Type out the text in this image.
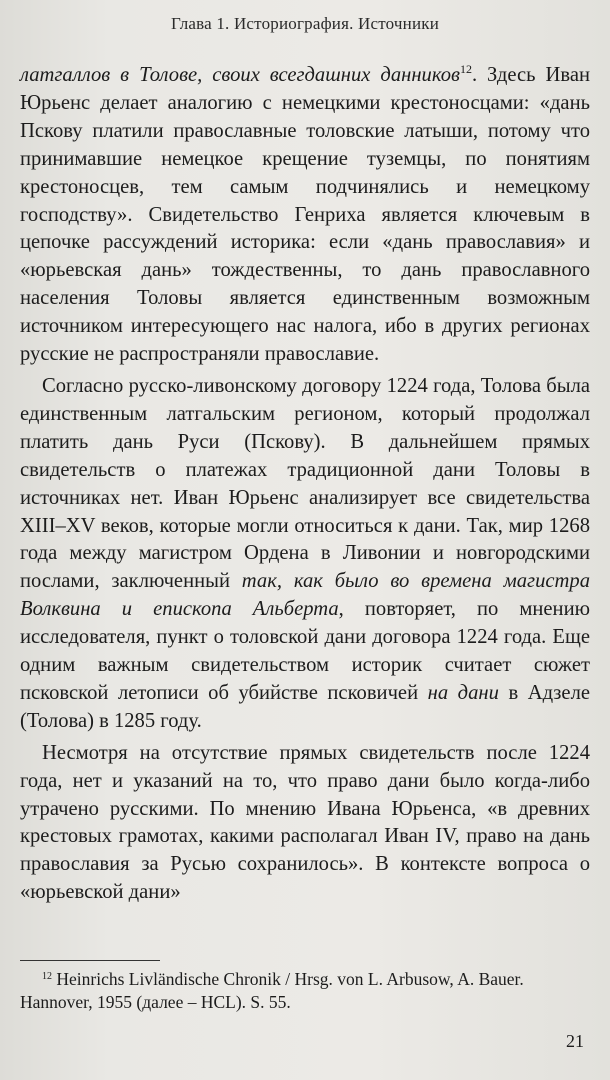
Глава 1. Историография. Источники

латгаллов в Толове, своих всегдашних данников$^{12}$. Здесь Иван Юрьенс делает аналогию с немецкими крестоносцами: «дань Пскову платили православные толовские латыши, потому что принимавшие немецкое крещение туземцы, по понятиям крестоносцев, тем самым подчинялись и немецкому господству». Свидетельство Генриха является ключевым в цепочке рассуждений историка: если «дань православия» и «юрьевская дань» тождественны, то дань православного населения Толовы является единственным возможным источником интересующего нас налога, ибо в других регионах русские не распространяли православие.

Согласно русско-ливонскому договору 1224 года, Толова была единственным латгальским регионом, который продолжал платить дань Руси (Пскову). В дальнейшем прямых свидетельств о платежах традиционной дани Толовы в источниках нет. Иван Юрьенс анализирует все свидетельства XIII–XV веков, которые могли относиться к дани. Так, мир 1268 года между магистром Ордена в Ливонии и новгородскими послами, заключенный так, как было во времена магистра Волквина и епископа Альберта, повторяет, по мнению исследователя, пункт о толовской дани договора 1224 года. Еще одним важным свидетельством историк считает сюжет псковской летописи об убийстве псковичей на дани в Адзеле (Толова) в 1285 году.

Несмотря на отсутствие прямых свидетельств после 1224 года, нет и указаний на то, что право дани было когда-либо утрачено русскими. По мнению Ивана Юрьенса, «в древних крестовых грамотах, какими располагал Иван IV, право на дань православия за Русью сохранилось». В контексте вопроса о «юрьевской дани»

$^{12}$ Heinrichs Livländische Chronik / Hrsg. von L. Arbusow, A. Bauer. Hannover, 1955 (далее – HCL). S. 55.

21
